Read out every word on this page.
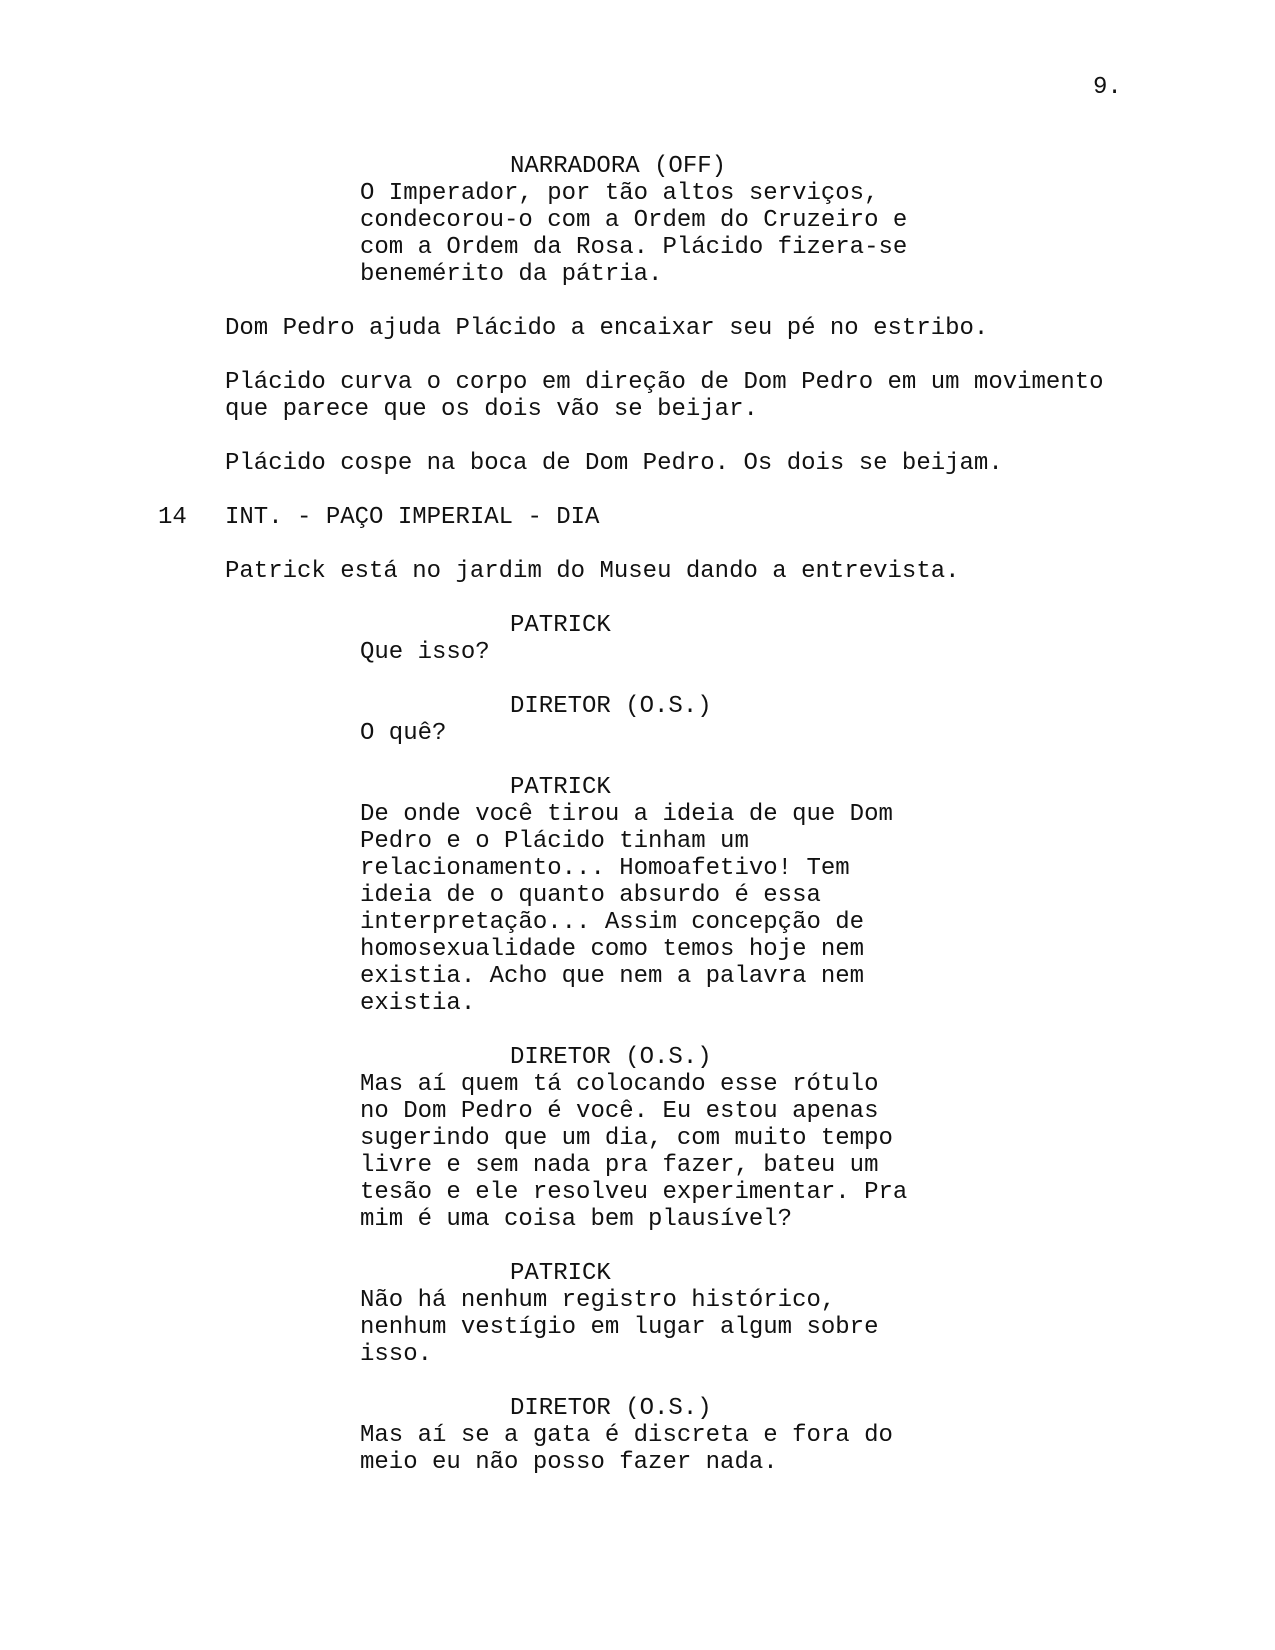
9.
NARRADORA (OFF)
O Imperador, por tão altos serviços,
condecorou-o com a Ordem do Cruzeiro e
com a Ordem da Rosa. Plácido fizera-se
benemérito da pátria.
Dom Pedro ajuda Plácido a encaixar seu pé no estribo.
Plácido curva o corpo em direção de Dom Pedro em um movimento
que parece que os dois vão se beijar.
Plácido cospe na boca de Dom Pedro. Os dois se beijam.
14 INT. - PAÇO IMPERIAL - DIA
Patrick está no jardim do Museu dando a entrevista.
PATRICK
Que isso?
DIRETOR (O.S.)
O quê?
PATRICK
De onde você tirou a ideia de que Dom
Pedro e o Plácido tinham um
relacionamento... Homoafetivo! Tem
ideia de o quanto absurdo é essa
interpretação... Assim concepção de
homosexualidade como temos hoje nem
existia. Acho que nem a palavra nem
existia.
DIRETOR (O.S.)
Mas aí quem tá colocando esse rótulo
no Dom Pedro é você. Eu estou apenas
sugerindo que um dia, com muito tempo
livre e sem nada pra fazer, bateu um
tesão e ele resolveu experimentar. Pra
mim é uma coisa bem plausível?
PATRICK
Não há nenhum registro histórico,
nenhum vestígio em lugar algum sobre
isso.
DIRETOR (O.S.)
Mas aí se a gata é discreta e fora do
meio eu não posso fazer nada.
